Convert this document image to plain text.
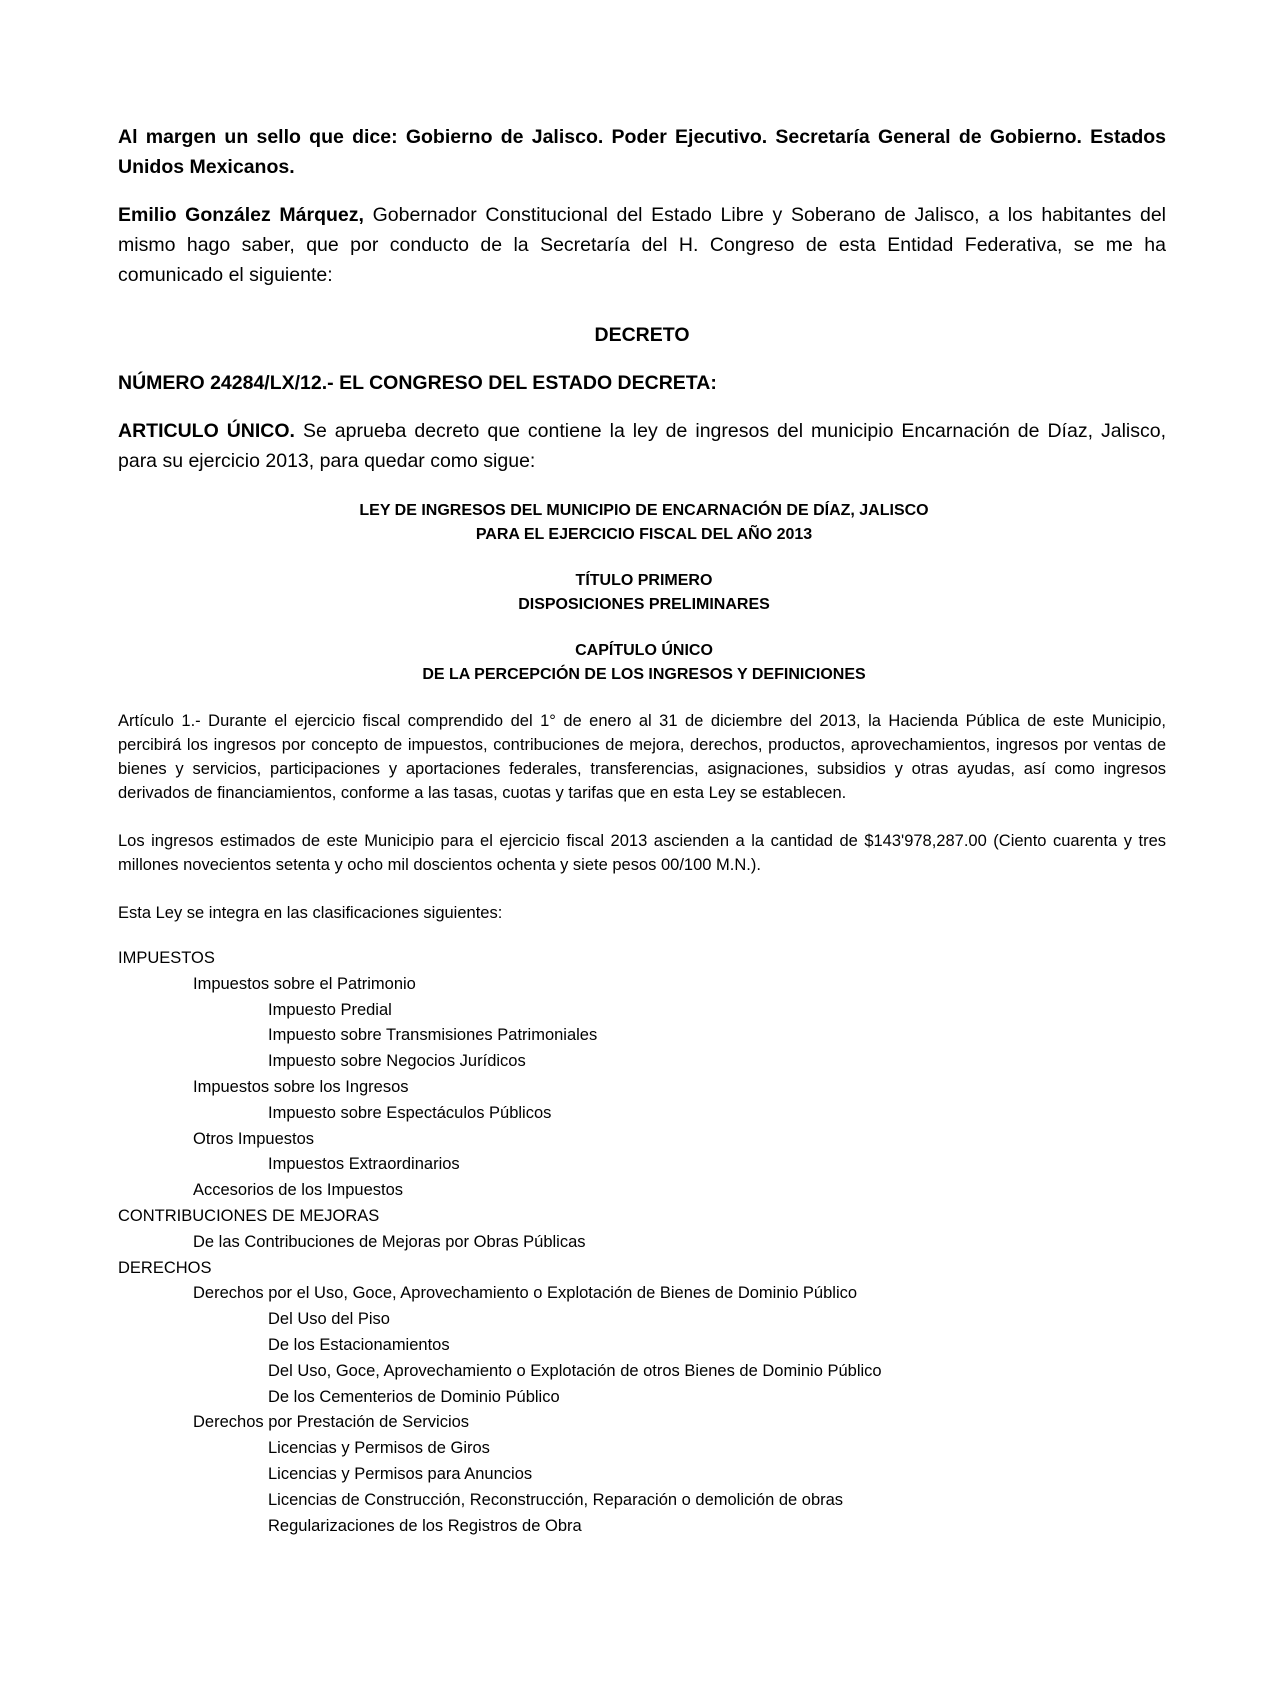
Al margen un sello que dice: Gobierno de Jalisco. Poder Ejecutivo. Secretaría General de Gobierno. Estados Unidos Mexicanos.

Emilio González Márquez, Gobernador Constitucional del Estado Libre y Soberano de Jalisco, a los habitantes del mismo hago saber, que por conducto de la Secretaría del H. Congreso de esta Entidad Federativa, se me ha comunicado el siguiente:

DECRETO

NÚMERO 24284/LX/12.- EL CONGRESO DEL ESTADO DECRETA:

ARTICULO ÚNICO. Se aprueba decreto que contiene la ley de ingresos del municipio Encarnación de Díaz, Jalisco, para su ejercicio 2013, para quedar como sigue:

LEY DE INGRESOS DEL MUNICIPIO DE ENCARNACIÓN DE DÍAZ, JALISCO

PARA EL EJERCICIO FISCAL DEL AÑO 2013

TÍTULO PRIMERO

DISPOSICIONES PRELIMINARES

CAPÍTULO ÚNICO

DE LA PERCEPCIÓN DE LOS INGRESOS Y DEFINICIONES

Artículo 1.- Durante el ejercicio fiscal comprendido del 1° de enero al 31 de diciembre del 2013, la Hacienda Pública de este Municipio, percibirá los ingresos por concepto de impuestos, contribuciones de mejora, derechos, productos, aprovechamientos, ingresos por ventas de bienes y servicios, participaciones y aportaciones federales, transferencias, asignaciones, subsidios y otras ayudas, así como ingresos derivados de financiamientos, conforme a las tasas, cuotas y tarifas que en esta Ley se establecen.

Los ingresos estimados de este Municipio para el ejercicio fiscal 2013 ascienden a la cantidad de $143'978,287.00 (Ciento cuarenta y tres millones novecientos setenta y ocho mil doscientos ochenta y siete pesos 00/100 M.N.).

Esta Ley se integra en las clasificaciones siguientes:

IMPUESTOS
Impuestos sobre el Patrimonio
Impuesto Predial
Impuesto sobre Transmisiones Patrimoniales
Impuesto sobre Negocios Jurídicos
Impuestos sobre los Ingresos
Impuesto sobre Espectáculos Públicos
Otros Impuestos
Impuestos Extraordinarios
Accesorios de los Impuestos
CONTRIBUCIONES DE MEJORAS
De las Contribuciones de Mejoras por Obras Públicas
DERECHOS
Derechos por el Uso, Goce, Aprovechamiento o Explotación de Bienes de Dominio Público
Del Uso del Piso
De los Estacionamientos
Del Uso, Goce, Aprovechamiento o Explotación de otros Bienes de Dominio Público
De los Cementerios de Dominio Público
Derechos por Prestación de Servicios
Licencias y Permisos de Giros
Licencias y Permisos para Anuncios
Licencias de Construcción, Reconstrucción, Reparación o demolición de obras
Regularizaciones de los Registros de Obra
